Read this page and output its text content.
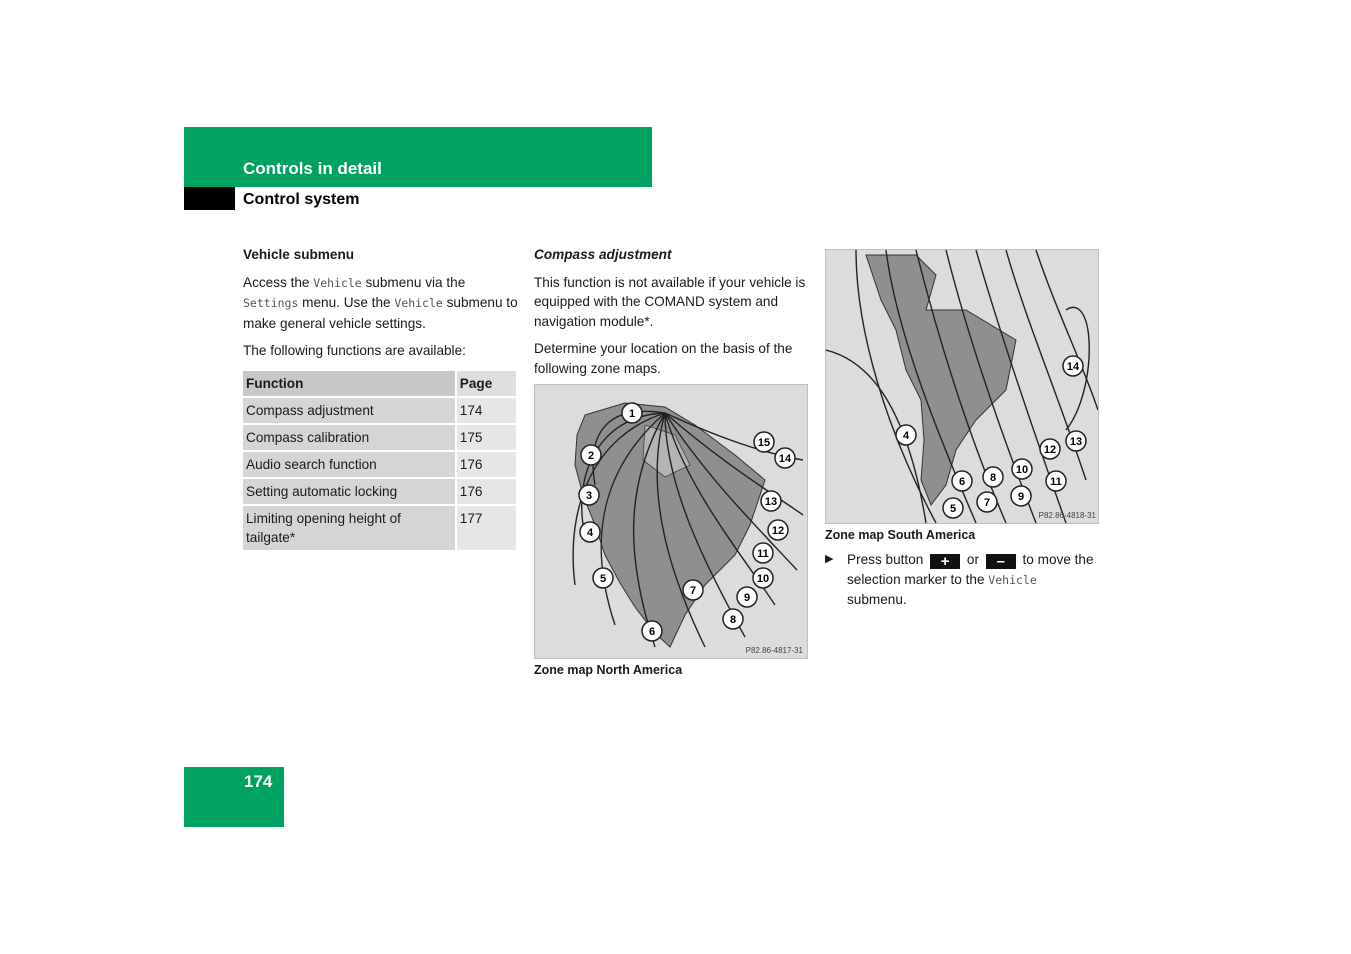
Controls in detail
Control system
Vehicle submenu

Access the Vehicle submenu via the Settings menu. Use the Vehicle submenu to make general vehicle settings.

The following functions are available:

Function	Page
Compass adjustment	174
Compass calibration	175
Audio search function	176
Setting automatic locking	176
Limiting opening height of tailgate*	177
Compass adjustment

This function is not available if your vehicle is equipped with the COMAND system and navigation module*.

Determine your location on the basis of the following zone maps.

1
2
3
4
5
6
7
8
9
10
11
12
13
14
15
P82.86-4817-31
Zone map North America
4
5
6
7
8
9
10
11
12
13
14
P82.86-4818-31
Zone map South America
▶ Press button + or – to move the selection marker to the Vehicle submenu.
174
